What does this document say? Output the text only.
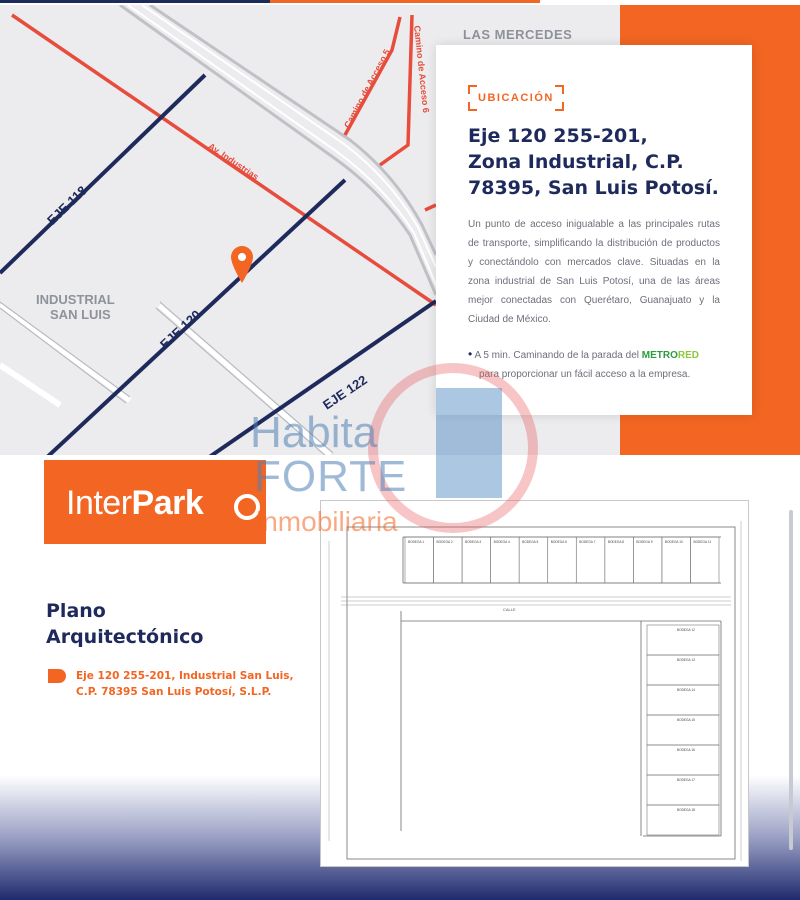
LAS MERCEDES
INDUSTRIAL
SAN LUIS
EJE 118
EJE 120
EJE 122
Av. Industrias
Camino de Acceso 5 Camino de Acceso 6	UBICACIÓN
Eje 120 255-201,
Zona Industrial, C.P.
78395, San Luis Potosí.
Un punto de acceso inigualable a las principales rutas de transporte, simplificando la distribución de productos y conectándolo con mercados clave. Situadas en la zona industrial de San Luis Potosí, una de las áreas mejor conectadas con Querétaro, Guanajuato y la Ciudad de México.
• A 5 min. Caminando de la parada del METRORED
para proporcionar un fácil acceso a la empresa.
InterPark
Plano
Arquitectónico
Eje 120 255-201, Industrial San Luis,
C.P. 78395 San Luis Potosí, S.L.P.
BODEGA 1	BODEGA 2	BODEGA 3	BODEGA 4	BODEGA 5	BODEGA 6	BODEGA 7	BODEGA 8	BODEGA 9	BODEGA 10	BODEGA 11
BODEGA 12
BODEGA 13
BODEGA 14
BODEGA 15
BODEGA 16
BODEGA 17
BODEGA 18
CALLE
Habita
FORTE
inmobiliaria
